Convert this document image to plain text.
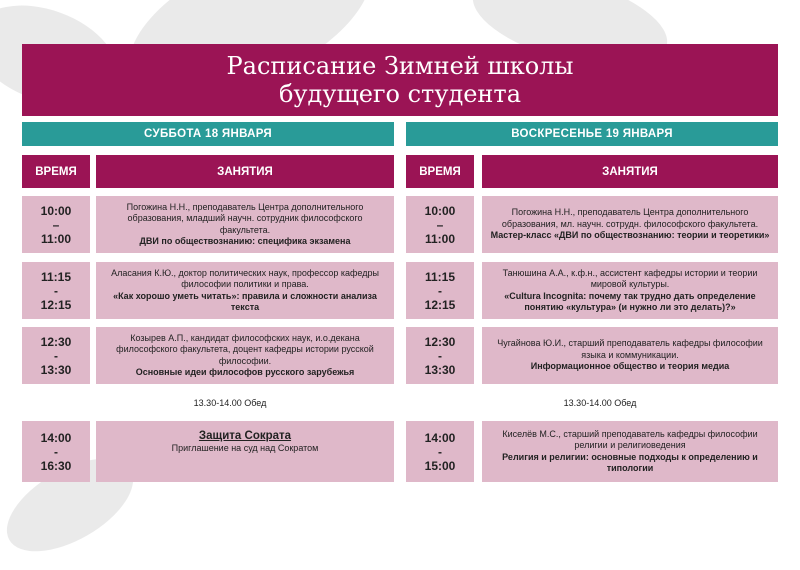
Расписание Зимней школы
будущего студента
СУББОТА 18 ЯНВАРЯ
ВРЕМЯ	ЗАНЯТИЯ
10:00
–
11:00
Погожина Н.Н., преподаватель Центра дополнительного образования, младший научн. сотрудник философского факультета.
ДВИ по обществознанию: специфика экзамена
11:15
-
12:15
Аласания К.Ю., доктор политических наук, профессор кафедры философии политики и права.
«Как хорошо уметь читать»: правила и сложности анализа текста
12:30
-
13:30
Козырев А.П., кандидат философских наук, и.о.декана философского факультета, доцент кафедры истории русской философии.
Основные идеи философов русского зарубежья
13.30-14.00 Обед
14:00
-
16:30
Защита Сократа
Приглашение на суд над Сократом
ВОСКРЕСЕНЬЕ 19 ЯНВАРЯ
ВРЕМЯ	ЗАНЯТИЯ
10:00
–
11:00
Погожина Н.Н., преподаватель Центра дополнительного образования, мл. научн. сотрудн. философского факультета.
Мастер-класс «ДВИ по обществознанию: теории и теоретики»
11:15
-
12:15
Танюшина А.А., к.ф.н., ассистент кафедры истории и теории мировой культуры.
«Cultura Incognita: почему так трудно дать определение понятию «культура» (и нужно ли это делать)?»
12:30
-
13:30
Чугайнова Ю.И., старший преподаватель кафедры философии языка и коммуникации.
Информационное общество и теория медиа
13.30-14.00 Обед
14:00
-
15:00
Киселёв М.С., старший преподаватель кафедры философии религии и религиоведения
Религия и религии: основные подходы к определению и типологии
